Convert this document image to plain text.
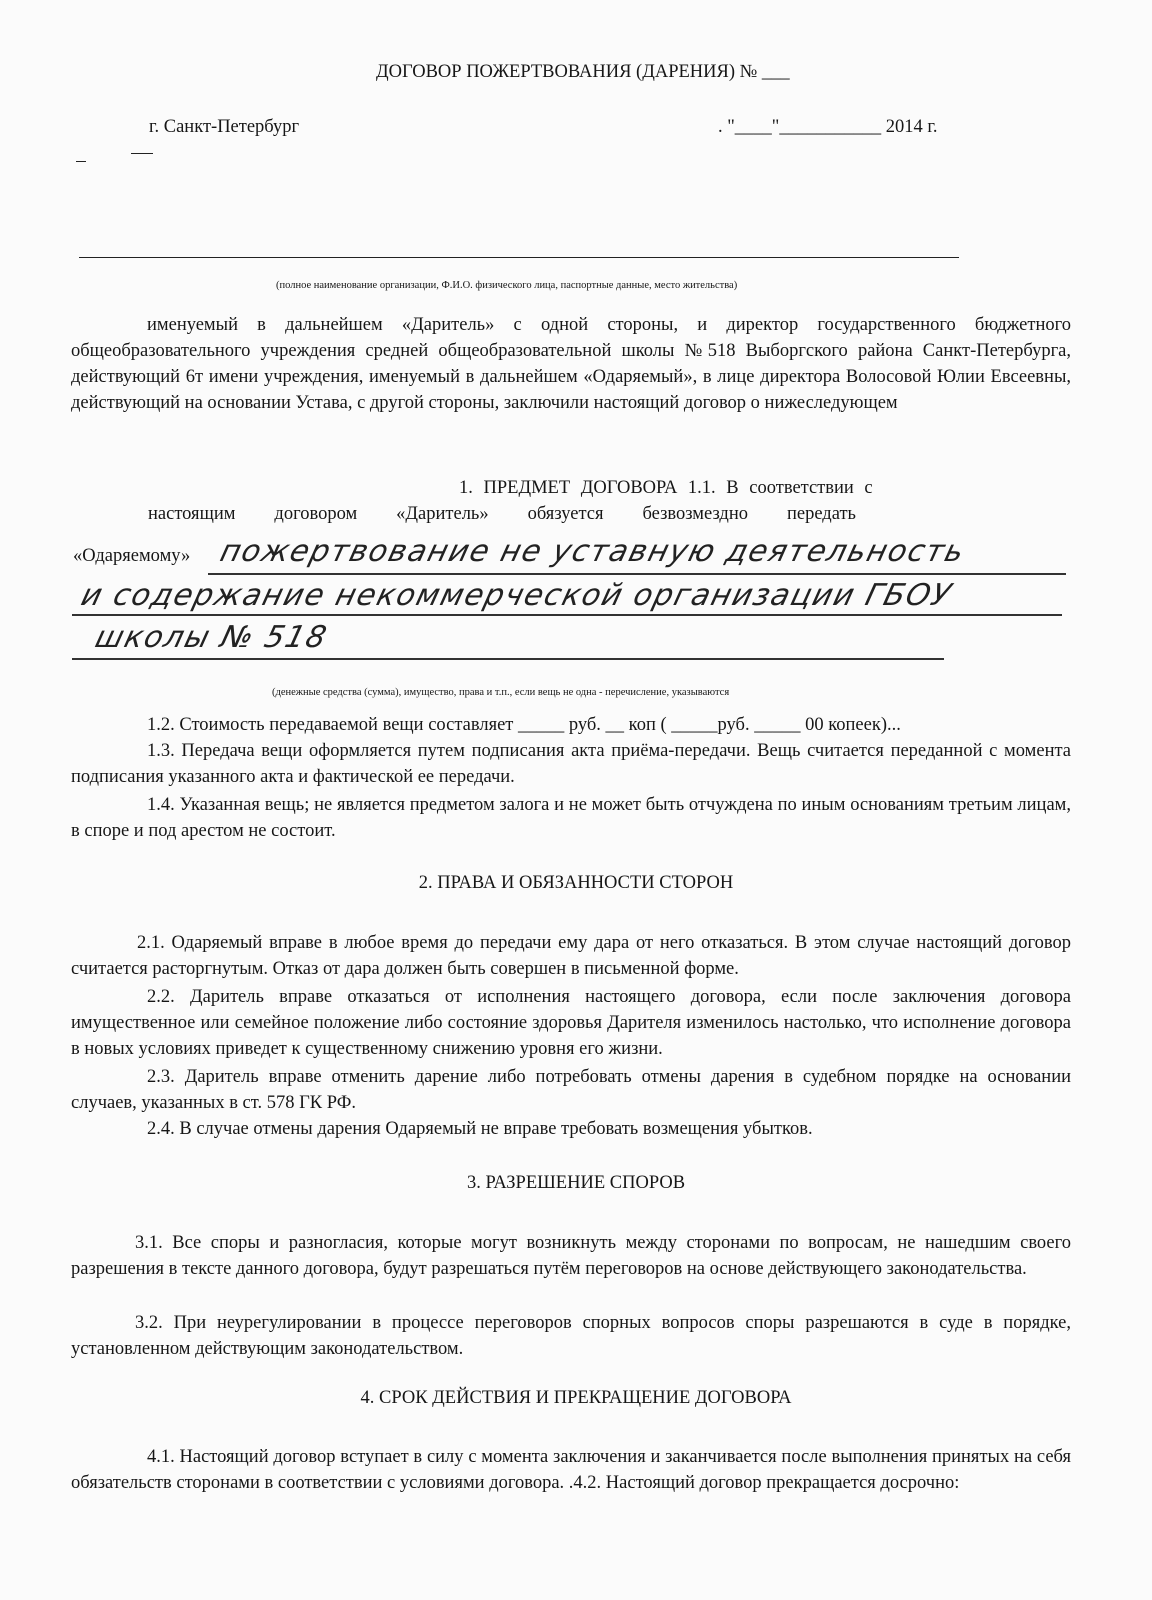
ДОГОВОР ПОЖЕРТВОВАНИЯ (ДАРЕНИЯ) № ___
г. Санкт-Петербург	. "____"___________ 2014 г.
(полное наименование организации, Ф.И.О. физического лица, паспортные данные, место жительства)
именуемый в дальнейшем «Даритель» с одной стороны, и директор государственного бюджетного общеобразовательного учреждения средней общеобразовательной школы №518 Выборгского района Санкт-Петербурга, действующий 6т имени учреждения, именуемый в дальнейшем «Одаряемый», в лице директора Волосовой Юлии Евсеевны, действующий на основании Устава, с другой стороны, заключили настоящий договор о нижеследующем
1. ПРЕДМЕТ ДОГОВОРА 1.1. В соответствии с
настоящим договором «Даритель» обязуется безвозмездно передать
«Одаряемому» пожертвование не уставную деятельность
и содержание некоммерческой организации ГБОУ
школы № 518
(денежные средства (сумма), имущество, права и т.п., если вещь не одна - перечисление, указываются
1.2. Стоимость передаваемой вещи составляет _____ руб. __ коп ( _____руб. _____ 00 копеек)...
1.3. Передача вещи оформляется путем подписания акта приёма-передачи. Вещь считается переданной с момента подписания указанного акта и фактической ее передачи.
1.4. Указанная вещь; не является предметом залога и не может быть отчуждена по иным основаниям третьим лицам, в споре и под арестом не состоит.
2. ПРАВА И ОБЯЗАННОСТИ СТОРОН
2.1. Одаряемый вправе в любое время до передачи ему дара от него отказаться. В этом случае настоящий договор считается расторгнутым. Отказ от дара должен быть совершен в письменной форме.
2.2. Даритель вправе отказаться от исполнения настоящего договора, если после заключения договора имущественное или семейное положение либо состояние здоровья Дарителя изменилось настолько, что исполнение договора в новых условиях приведет к существенному снижению уровня его жизни.
2.3. Даритель вправе отменить дарение либо потребовать отмены дарения в судебном порядке на основании случаев, указанных в ст. 578 ГК РФ.
2.4. В случае отмены дарения Одаряемый не вправе требовать возмещения убытков.
3. РАЗРЕШЕНИЕ СПОРОВ
3.1. Все споры и разногласия, которые могут возникнуть между сторонами по вопросам, не нашедшим своего разрешения в тексте данного договора, будут разрешаться путём переговоров на основе действующего законодательства.
3.2. При неурегулировании в процессе переговоров спорных вопросов споры разрешаются в суде в порядке, установленном действующим законодательством.
4. СРОК ДЕЙСТВИЯ И ПРЕКРАЩЕНИЕ ДОГОВОРА
4.1. Настоящий договор вступает в силу с момента заключения и заканчивается после выполнения принятых на себя обязательств сторонами в соответствии с условиями договора. .4.2. Настоящий договор прекращается досрочно:
